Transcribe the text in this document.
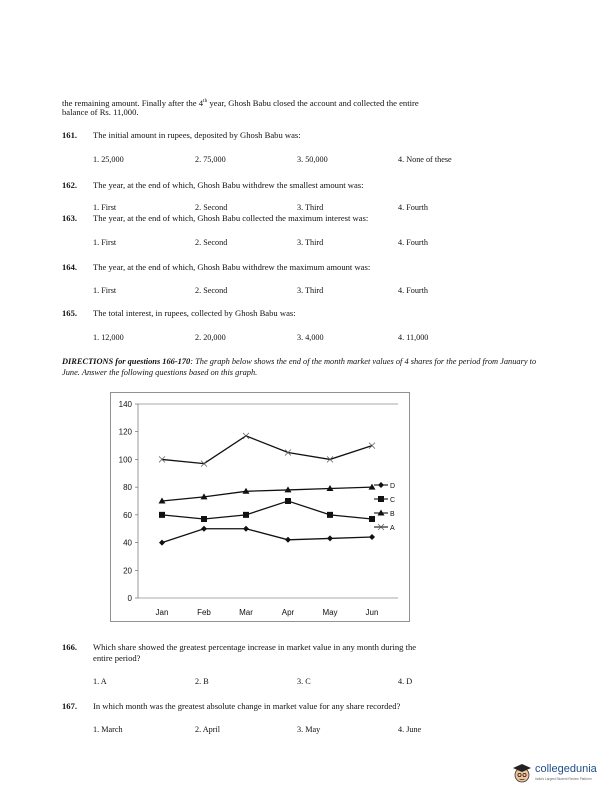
the remaining amount. Finally after the 4th year, Ghosh Babu closed the account and collected the entire
balance of Rs. 11,000.
161. The initial amount in rupees, deposited by Ghosh Babu was:
1. 25,000	2. 75,000	3. 50,000	4. None of these
162. The year, at the end of which, Ghosh Babu withdrew the smallest amount was:
1. First	2. Second	3. Third	4. Fourth
163. The year, at the end of which, Ghosh Babu collected the maximum interest was:
1. First	2. Second	3. Third	4. Fourth
164. The year, at the end of which, Ghosh Babu withdrew the maximum amount was:
1. First	2. Second	3. Third	4. Fourth
165. The total interest, in rupees, collected by Ghosh Babu was:
1. 12,000	2. 20,000	3. 4,000	4. 11,000
DIRECTIONS for questions 166-170: The graph below shows the end of the month market values of 4 shares for the period from January to June. Answer the following questions based on this graph.
0
20
40
60
80
100
120
140
Jan	Feb	Mar	Apr	May	Jun
D
C
B
A
166. Which share showed the greatest percentage increase in market value in any month during the
entire period?
1. A	2. B	3. C	4. D
167. In which month was the greatest absolute change in market value for any share recorded?
1. March	2. April	3. May	4. June
collegedunia
India's Largest Student Review Platform
